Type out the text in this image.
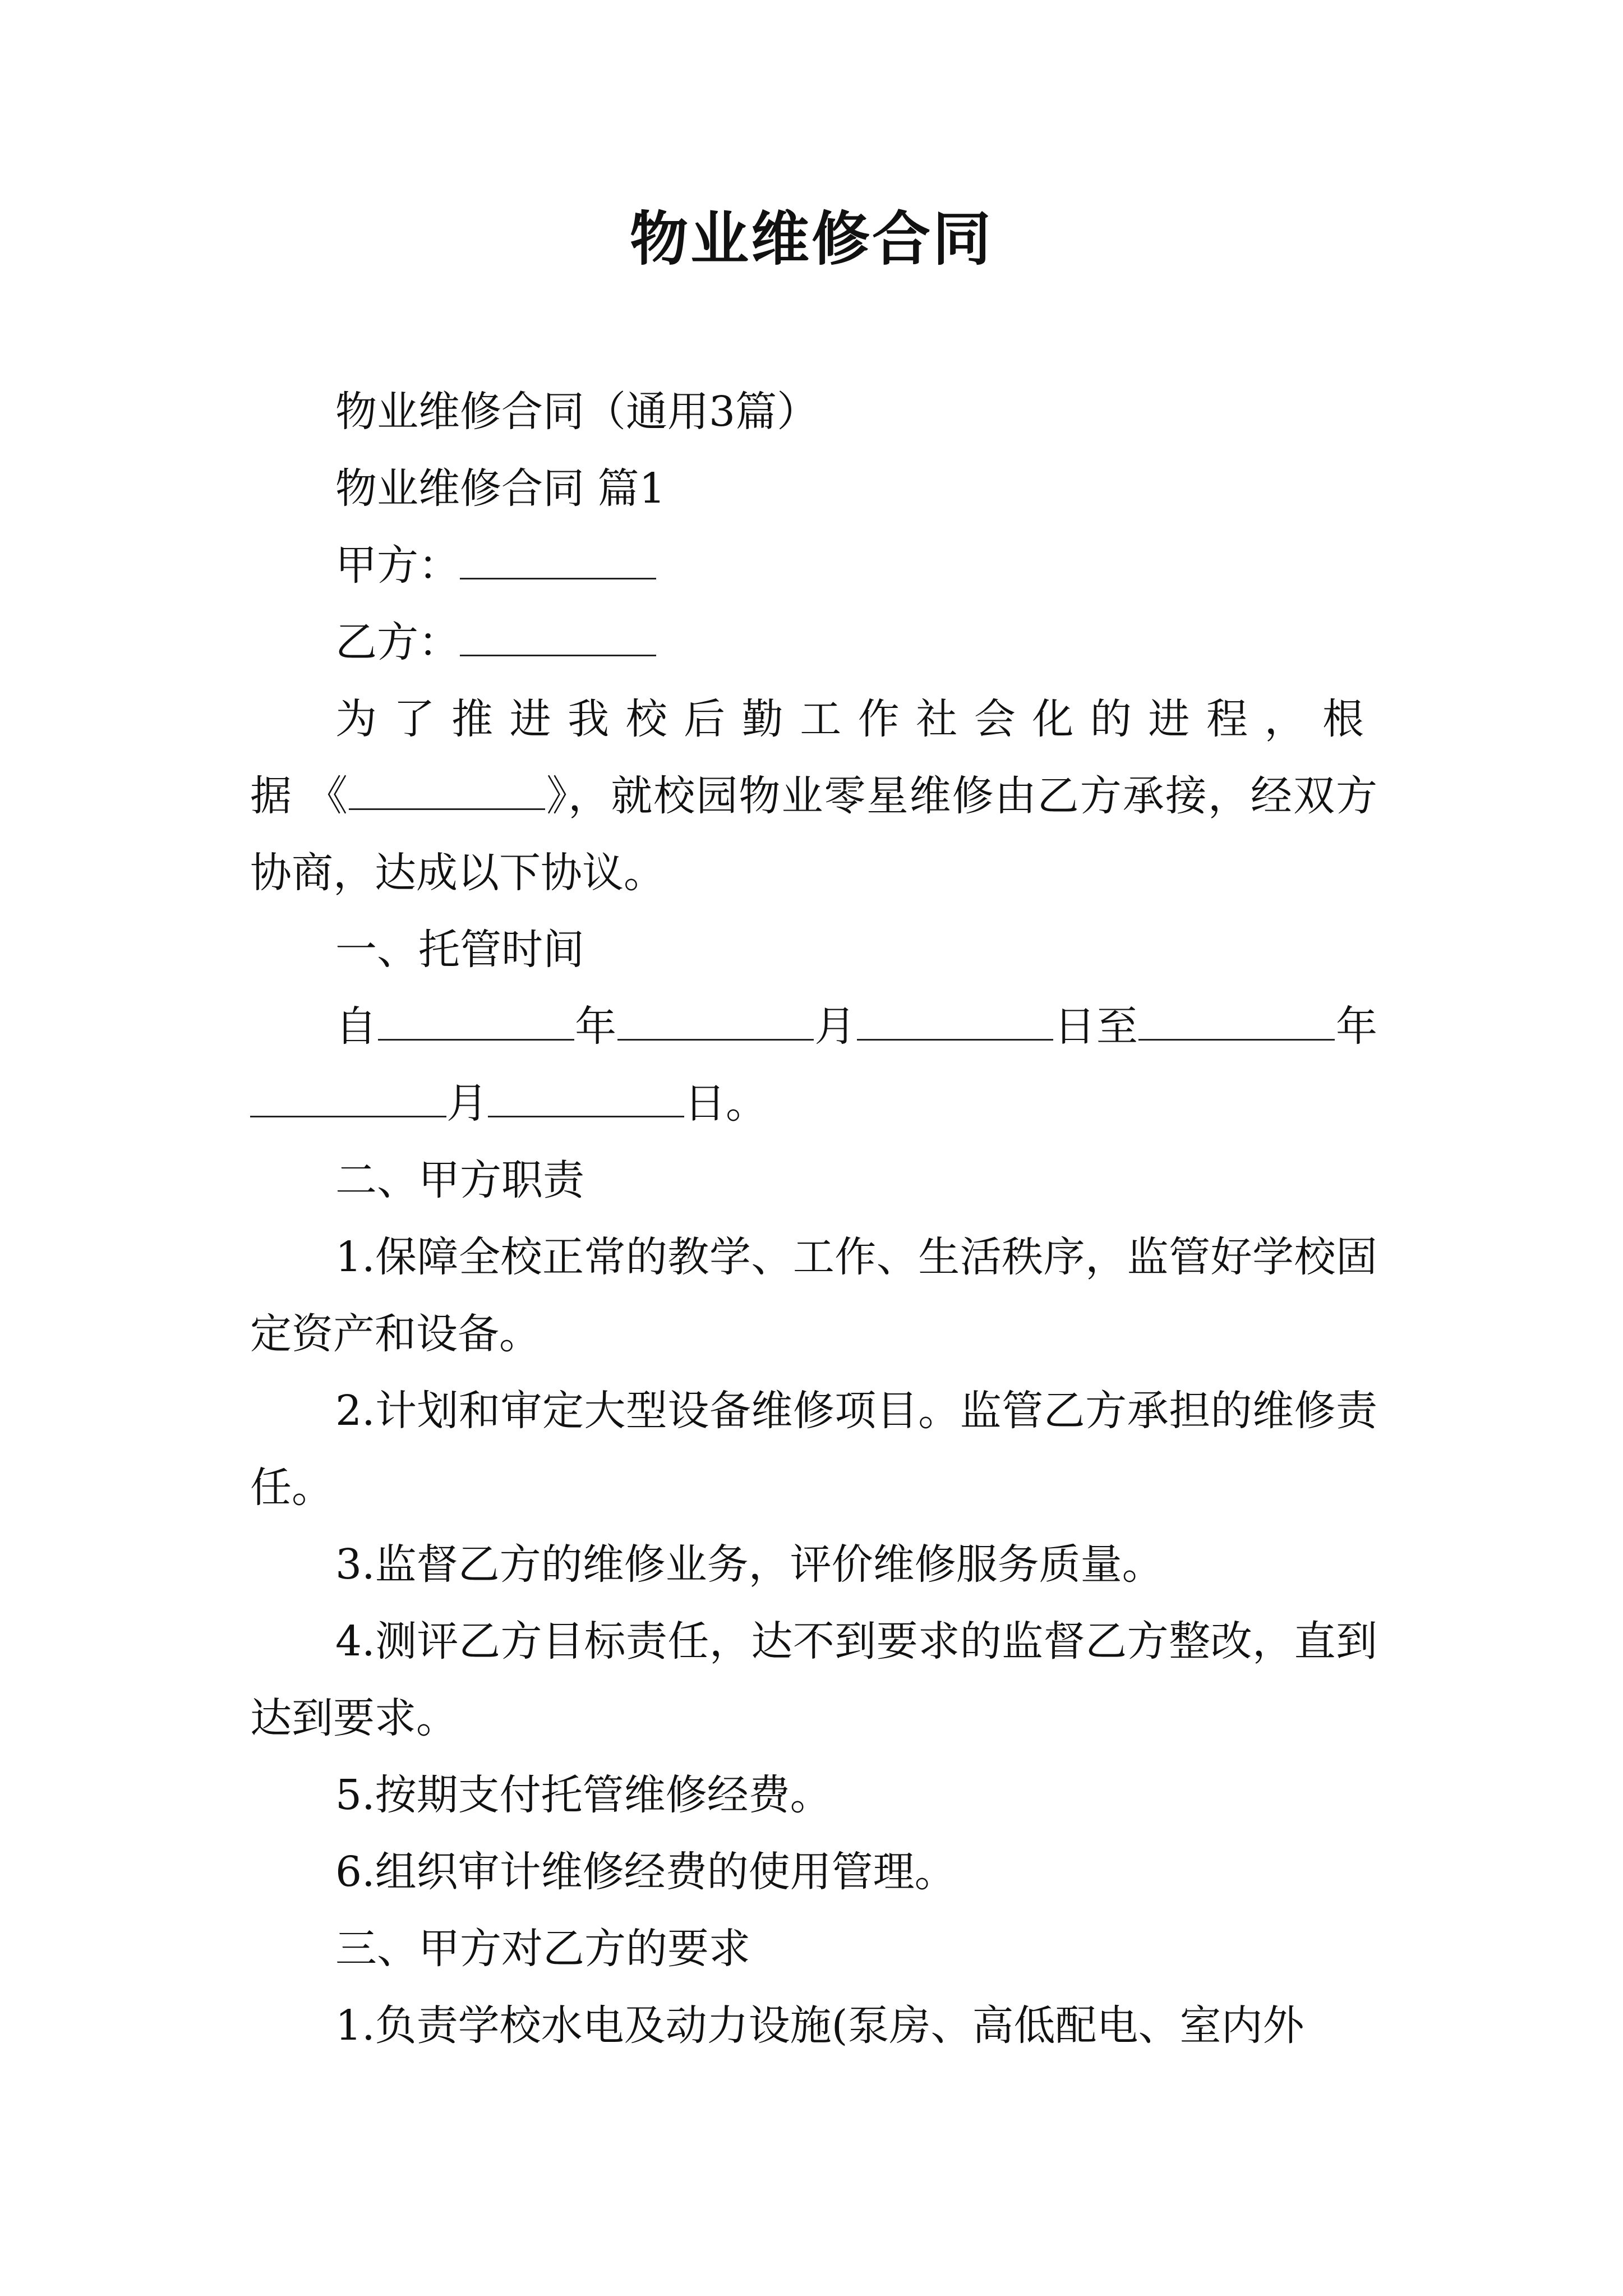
物业维修合同

物业维修合同（通用3篇）

物业维修合同 篇1

甲方：

乙方：

为了推进我校后勤工作社会化的进程，根据《	》，就校园物业零星维修由乙方承接，经双方协商，达成以下协议。

一、托管时间

自	年	月	日至	年月	日。

二、甲方职责

1.保障全校正常的教学、工作、生活秩序，监管好学校固定资产和设备。

2.计划和审定大型设备维修项目。监管乙方承担的维修责任。

3.监督乙方的维修业务，评价维修服务质量。

4.测评乙方目标责任，达不到要求的监督乙方整改，直到达到要求。

5.按期支付托管维修经费。

6.组织审计维修经费的使用管理。

三、甲方对乙方的要求

1.负责学校水电及动力设施(泵房、高低配电、室内外
